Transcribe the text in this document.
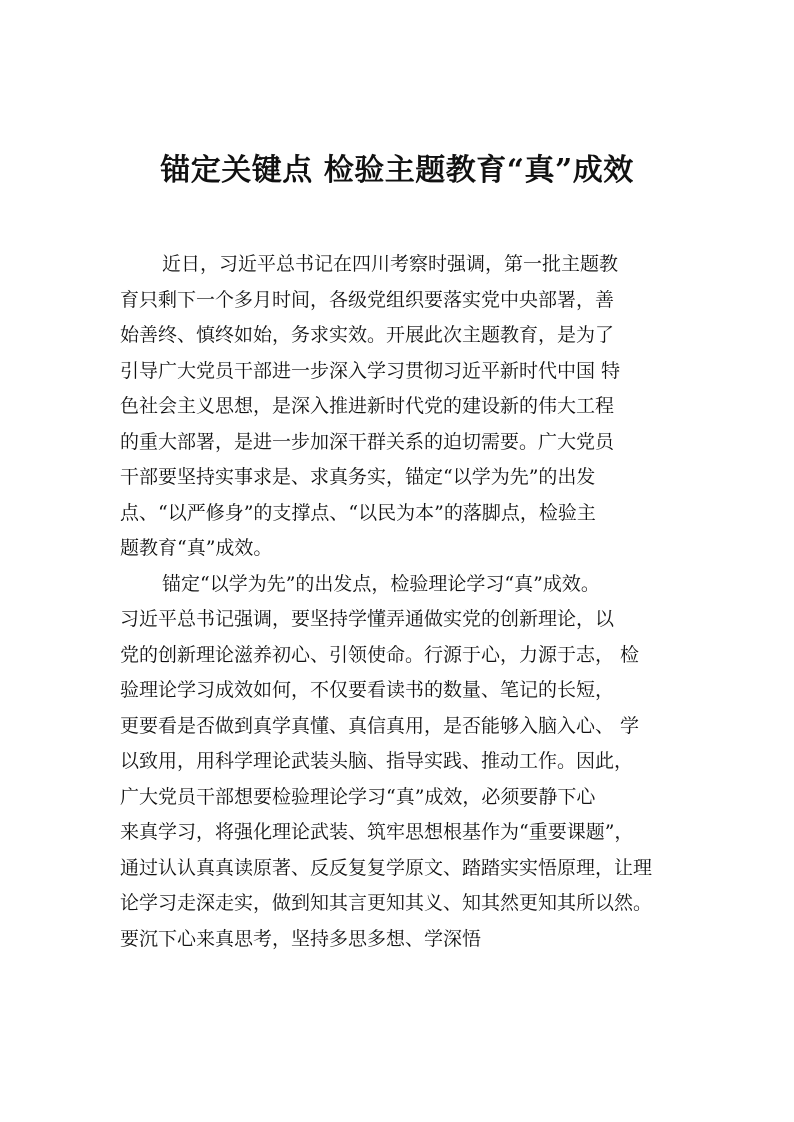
锚定关键点 检验主题教育“真”成效
近日，习近平总书记在四川考察时强调，第一批主题教
育只剩下一个多月时间，各级党组织要落实党中央部署，善
始善终、慎终如始，务求实效。开展此次主题教育，是为了
引导广大党员干部进一步深入学习贯彻习近平新时代中国 特
色社会主义思想，是深入推进新时代党的建设新的伟大工程
的重大部署，是进一步加深干群关系的迫切需要。广大党员
干部要坚持实事求是、求真务实，锚定“以学为先”的出发
点、“以严修身”的支撑点、“以民为本”的落脚点，检验主
题教育“真”成效。
锚定“以学为先”的出发点，检验理论学习“真”成效。
习近平总书记强调，要坚持学懂弄通做实党的创新理论，以
党的创新理论滋养初心、引领使命。行源于心，力源于志， 检
验理论学习成效如何，不仅要看读书的数量、笔记的长短，
更要看是否做到真学真懂、真信真用，是否能够入脑入心、 学
以致用，用科学理论武装头脑、指导实践、推动工作。因此，
广大党员干部想要检验理论学习“真”成效，必须要静下心
来真学习，将强化理论武装、筑牢思想根基作为“重要课题”，
通过认认真真读原著、反反复复学原文、踏踏实实悟原理，让理
论学习走深走实，做到知其言更知其义、知其然更知其所以然。
要沉下心来真思考，坚持多思多想、学深悟
